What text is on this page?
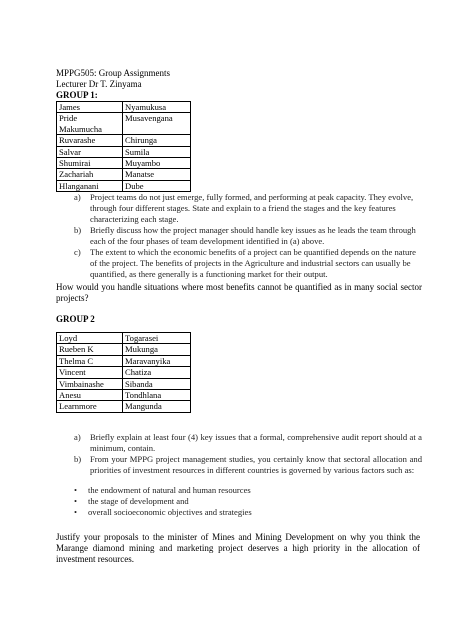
MPPG505: Group Assignments
Lecturer Dr T. Zinyama
GROUP 1:
James	Nyamukusa
Pride Makumucha	Musavengana
Ruvarashe	Chirunga
Salvar	Sumila
Shumirai	Muyambo
Zachariah	Manatse
Hlanganani	Dube
a)	Project teams do not just emerge, fully formed, and performing at peak capacity. They evolve, through four different stages. State and explain to a friend the stages and the key features characterizing each stage.
b)	Briefly discuss how the project manager should handle key issues as he leads the team through each of the four phases of team development identified in (a) above.
c)	The extent to which the economic benefits of a project can be quantified depends on the nature of the project. The benefits of projects in the Agriculture and industrial sectors can usually be quantified, as there generally is a functioning market for their output.
How would you handle situations where most benefits cannot be quantified as in many social sector projects?
GROUP 2
Loyd	Togarasei
Rueben K	Mukunga
Thelma C	Maravanyika
Vincent	Chatiza
Vimbainashe	Sibanda
Anesu	Tondhlana
Learnmore	Mangunda
a)	Briefly explain at least four (4) key issues that a formal, comprehensive audit report should at a minimum, contain.
b)	From your MPPG project management studies, you certainly know that sectoral allocation and priorities of investment resources in different countries is governed by various factors such as:
•	the endowment of natural and human resources
•	the stage of development and
•	overall socioeconomic objectives and strategies
Justify your proposals to the minister of Mines and Mining Development on why you think the Marange diamond mining and marketing project deserves a high priority in the allocation of investment resources.
